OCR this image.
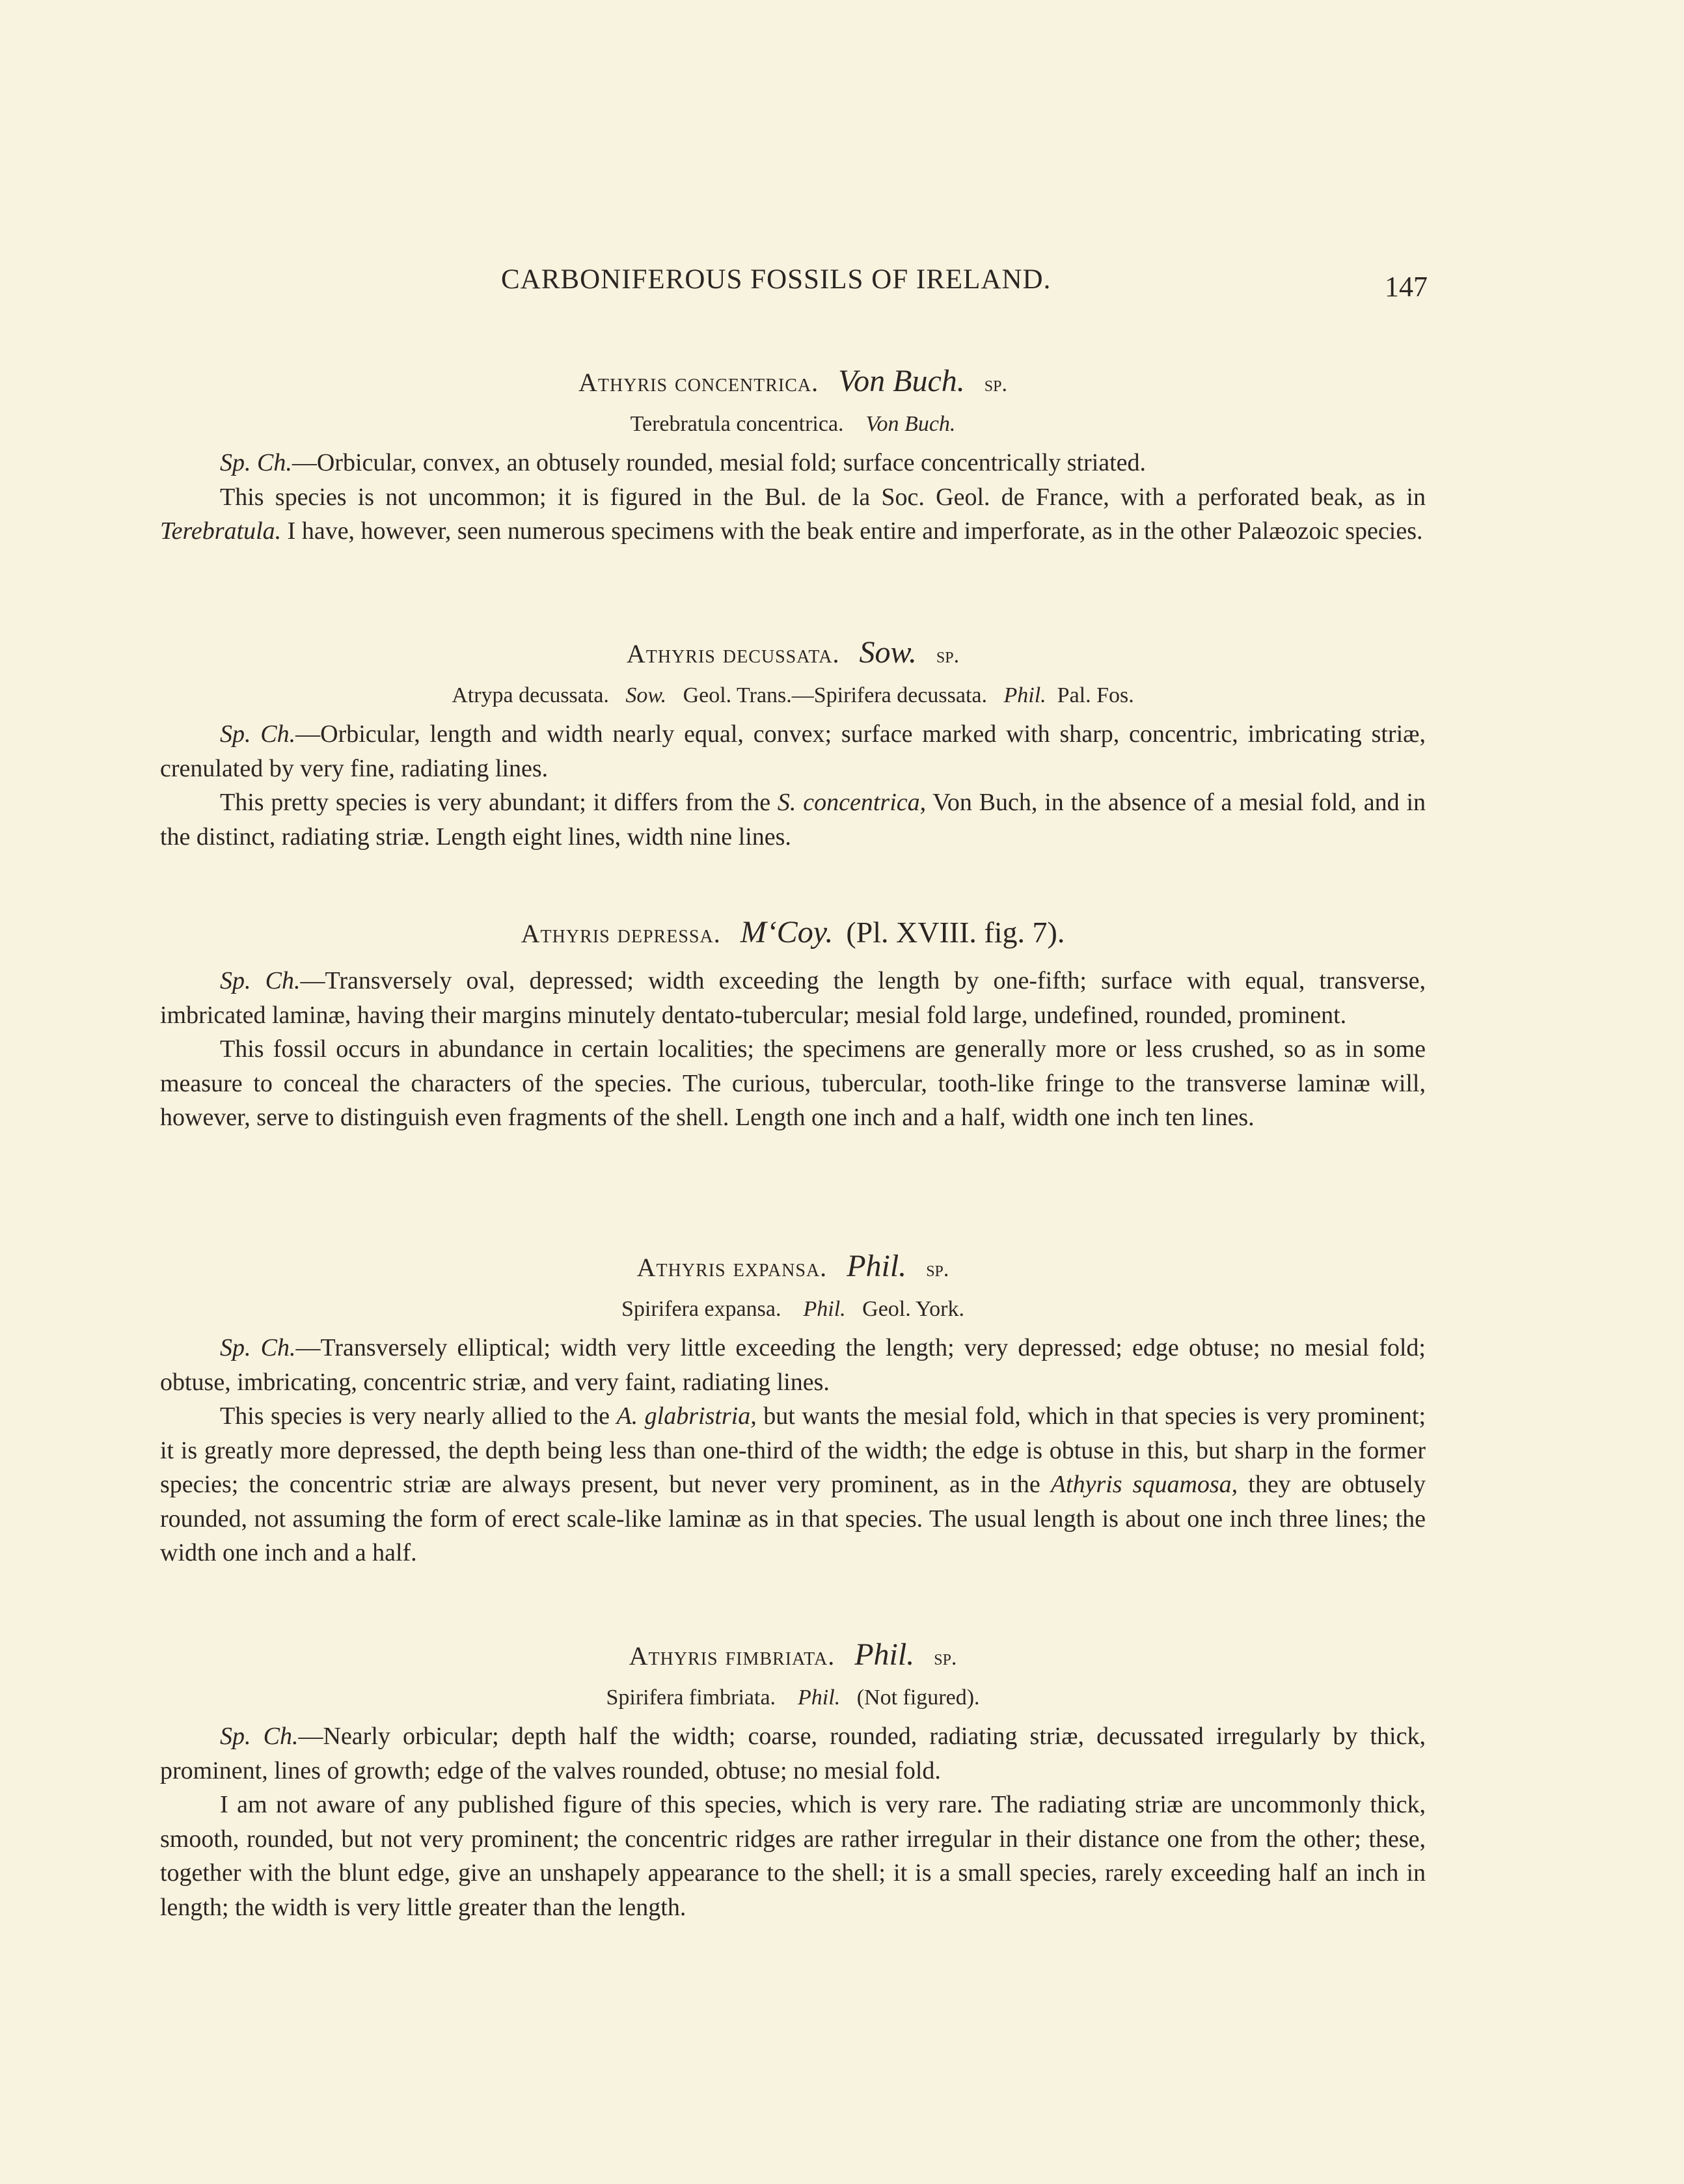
CARBONIFEROUS FOSSILS OF IRELAND.	147

Athyris concentrica. Von Buch. sp.

Terebratula concentrica. Von Buch.

Sp. Ch.—Orbicular, convex, an obtusely rounded, mesial fold; surface concentrically striated.

This species is not uncommon; it is figured in the Bul. de la Soc. Geol. de France, with a perforated beak, as in Terebratula. I have, however, seen numerous specimens with the beak entire and imperforate, as in the other Palæozoic species.

Athyris decussata. Sow. sp.

Atrypa decussata. Sow. Geol. Trans.—Spirifera decussata. Phil. Pal. Fos.

Sp. Ch.—Orbicular, length and width nearly equal, convex; surface marked with sharp, concentric, imbricating striæ, crenulated by very fine, radiating lines.

This pretty species is very abundant; it differs from the S. concentrica, Von Buch, in the absence of a mesial fold, and in the distinct, radiating striæ. Length eight lines, width nine lines.

Athyris depressa. M‘Coy. (Pl. XVIII. fig. 7).

Sp. Ch.—Transversely oval, depressed; width exceeding the length by one-fifth; surface with equal, transverse, imbricated laminæ, having their margins minutely dentato-tubercular; mesial fold large, undefined, rounded, prominent.

This fossil occurs in abundance in certain localities; the specimens are generally more or less crushed, so as in some measure to conceal the characters of the species. The curious, tubercular, tooth-like fringe to the transverse laminæ will, however, serve to distinguish even fragments of the shell. Length one inch and a half, width one inch ten lines.

Athyris expansa. Phil. sp.

Spirifera expansa. Phil. Geol. York.

Sp. Ch.—Transversely elliptical; width very little exceeding the length; very depressed; edge obtuse; no mesial fold; obtuse, imbricating, concentric striæ, and very faint, radiating lines.

This species is very nearly allied to the A. glabristria, but wants the mesial fold, which in that species is very prominent; it is greatly more depressed, the depth being less than one-third of the width; the edge is obtuse in this, but sharp in the former species; the concentric striæ are always present, but never very prominent, as in the Athyris squamosa, they are obtusely rounded, not assuming the form of erect scale-like laminæ as in that species. The usual length is about one inch three lines; the width one inch and a half.

Athyris fimbriata. Phil. sp.

Spirifera fimbriata. Phil. (Not figured).

Sp. Ch.—Nearly orbicular; depth half the width; coarse, rounded, radiating striæ, decussated irregularly by thick, prominent, lines of growth; edge of the valves rounded, obtuse; no mesial fold.

I am not aware of any published figure of this species, which is very rare. The radiating striæ are uncommonly thick, smooth, rounded, but not very prominent; the concentric ridges are rather irregular in their distance one from the other; these, together with the blunt edge, give an unshapely appearance to the shell; it is a small species, rarely exceeding half an inch in length; the width is very little greater than the length.
